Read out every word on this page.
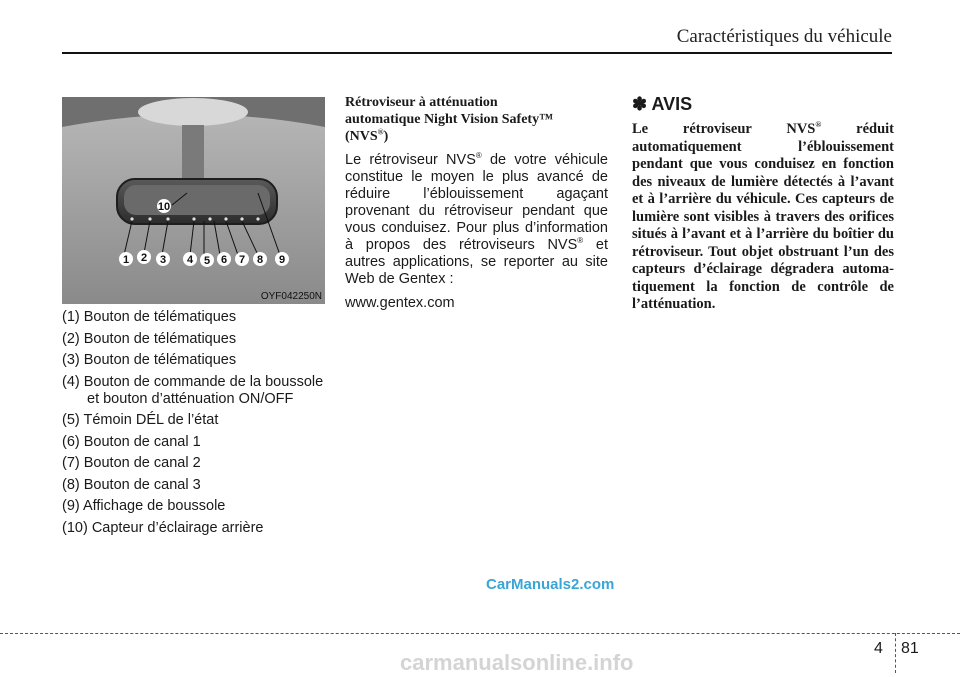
Caractéristiques du véhicule
10
1 2 3 4 5 6 7 8 9
OYF042250N
(1) Bouton de télématiques
(2) Bouton de télématiques
(3) Bouton de télématiques
(4) Bouton de commande de la boussole et bouton d’atténuation ON/OFF
(5) Témoin DÉL de l’état
(6) Bouton de canal 1
(7) Bouton de canal 2
(8) Bouton de canal 3
(9) Affichage de boussole
(10) Capteur d’éclairage arrière
Rétroviseur à atténuation
automatique Night Vision Safety™
(NVS®)

Le rétroviseur NVS® de votre véhicule constitue le moyen le plus avancé de réduire l’éblouissement agaçant provenant du rétroviseur pendant que vous conduisez. Pour plus d’information à propos des rétroviseurs NVS® et autres applications, se reporter au site Web de Gentex :

www.gentex.com

✽ AVIS

Le rétroviseur NVS® réduit automatiquement l’éblouissement pendant que vous conduisez en fonction des niveaux de lumière détectés à l’avant et à l’arrière du véhicule. Ces capteurs de lumière sont visibles à travers des orifices situés à l’avant et à l’arrière du boîtier du rétroviseur. Tout objet obstruant l’un des capteurs d’éclairage dégradera automatiquement la fonction de contrôle de l’atténuation.

CarManuals2.com
4 81
carmanualsonline.info
